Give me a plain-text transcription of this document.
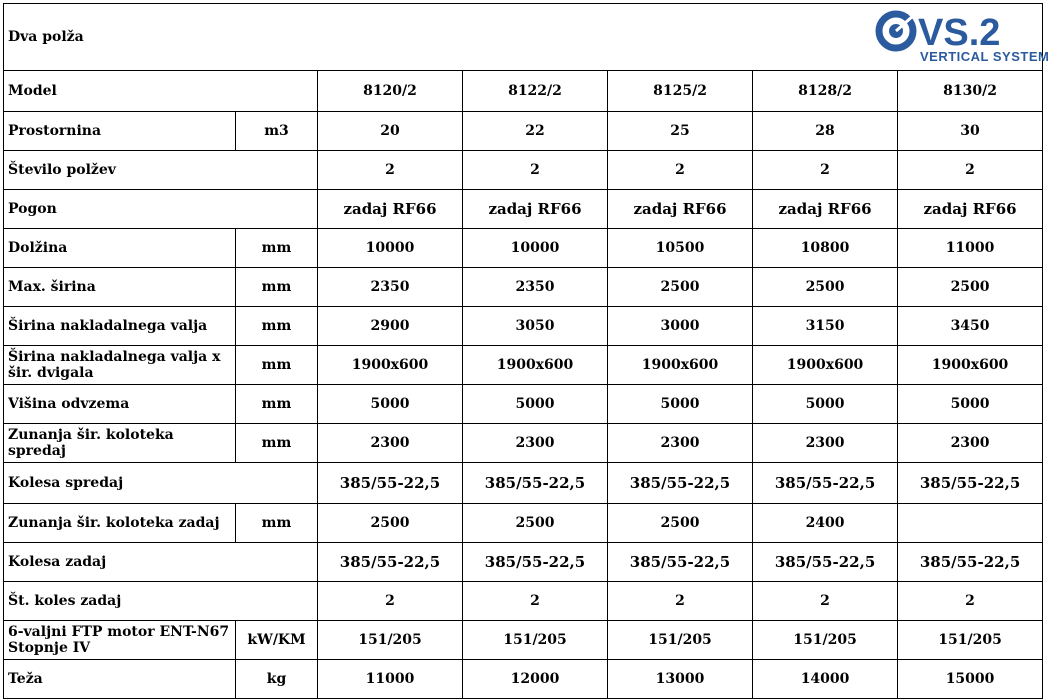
Dva polža					VS.2
VERTICAL SYSTEM	

Model		8120/2	8122/2	8125/2	8128/2	8130/2
Prostornina	m3	20	22	25	28	30
Število polžev		2	2	2	2	2
Pogon		zadaj RF66	zadaj RF66	zadaj RF66	zadaj RF66	zadaj RF66
Dolžina	mm	10000	10000	10500	10800	11000
Max. širina	mm	2350	2350	2500	2500	2500
Širina nakladalnega valja	mm	2900	3050	3000	3150	3450
Širina nakladalnega valja x šir. dvigala	mm	1900x600	1900x600	1900x600	1900x600	1900x600
Višina odvzema	mm	5000	5000	5000	5000	5000
Zunanja šir. koloteka spredaj	mm	2300	2300	2300	2300	2300
Kolesa spredaj		385/55-22,5	385/55-22,5	385/55-22,5	385/55-22,5	385/55-22,5
Zunanja šir. koloteka zadaj	mm	2500	2500	2500	2400	
Kolesa zadaj		385/55-22,5	385/55-22,5	385/55-22,5	385/55-22,5	385/55-22,5
Št. koles zadaj		2	2	2	2	2
6-valjni FTP motor ENT-N67 Stopnje IV	kW/KM	151/205	151/205	151/205	151/205	151/205
Teža	kg	11000	12000	13000	14000	15000
